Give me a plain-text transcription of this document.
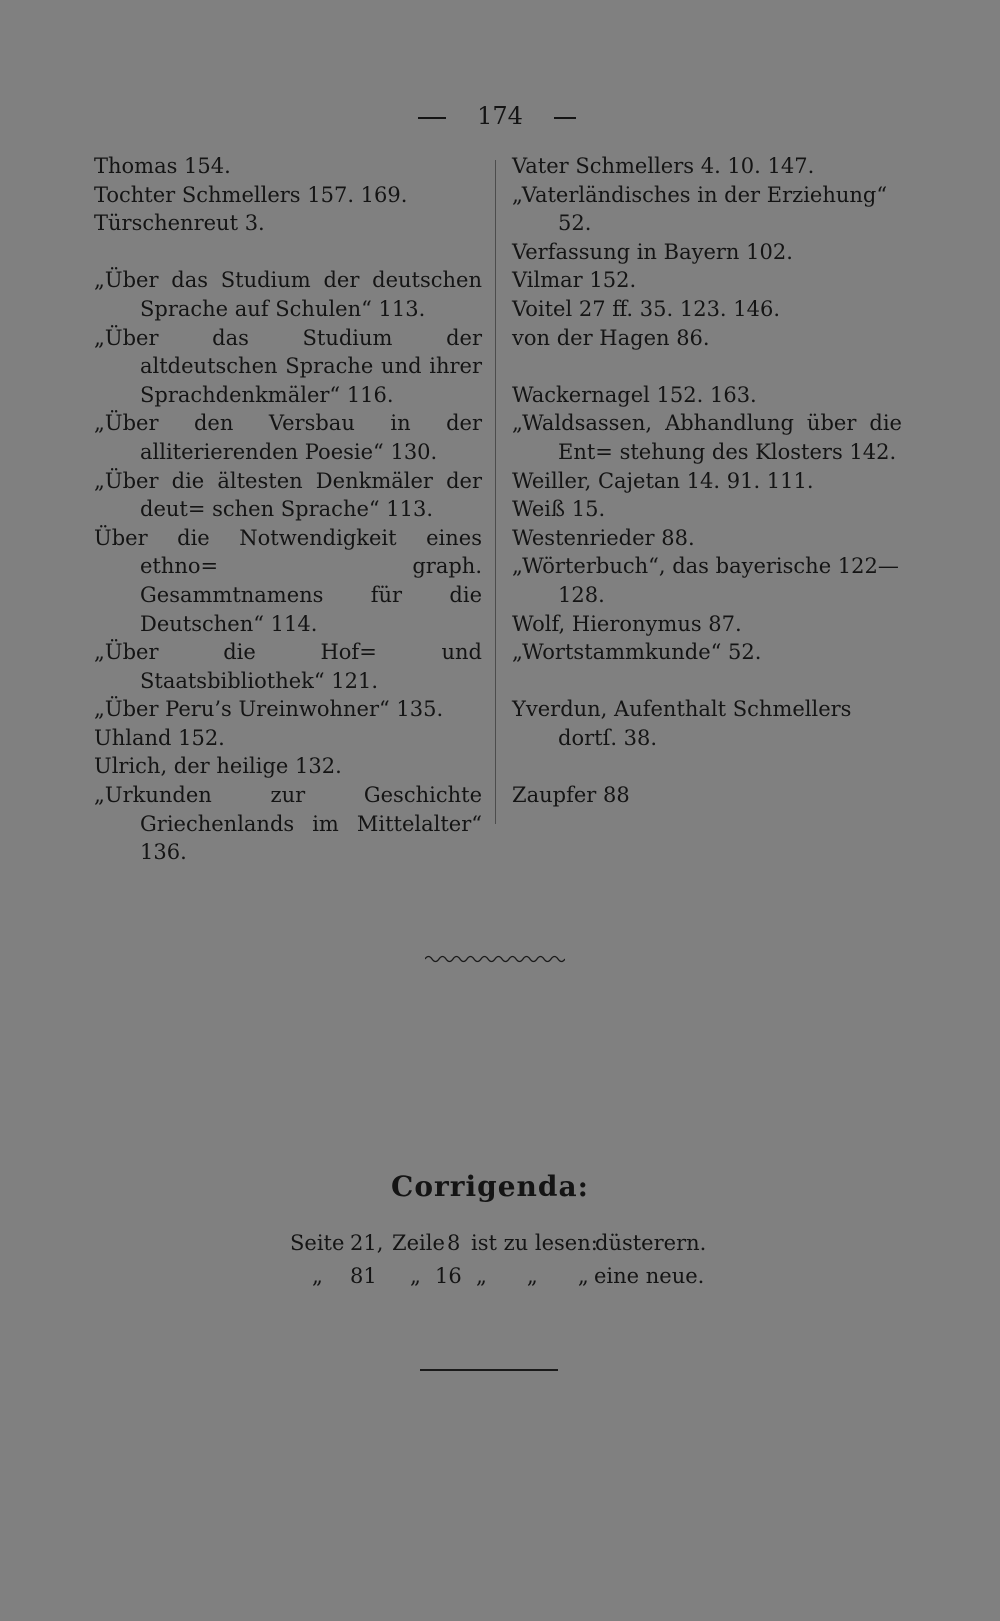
174
Thomas 154.
Tochter Schmellers 157. 169.
Türschenreut 3.
„Über das Studium der deutschen Sprache auf Schulen“ 113.
„Über das Studium der altdeutschen Sprache und ihrer Sprachdenkmäler“ 116.
„Über den Versbau in der alliterierenden Poesie“ 130.
„Über die ältesten Denkmäler der deut= schen Sprache“ 113.
Über die Notwendigkeit eines ethno= graph. Gesammtnamens für die Deutschen“ 114.
„Über die Hof= und Staatsbibliothek“ 121.
„Über Peru’s Ureinwohner“ 135.
Uhland 152.
Ulrich, der heilige 132.
„Urkunden zur Geschichte Griechenlands im Mittelalter“ 136.
Vater Schmellers 4. 10. 147.
„Vaterländisches in der Erziehung“ 52.
Verfassung in Bayern 102.
Vilmar 152.
Voitel 27 ff. 35. 123. 146.
von der Hagen 86.
Wackernagel 152. 163.
„Waldsassen, Abhandlung über die Ent= stehung des Klosters 142.
Weiller, Cajetan 14. 91. 111.
Weiß 15.
Westenrieder 88.
„Wörterbuch“, das bayerische 122—128.
Wolf, Hieronymus 87.
„Wortstammkunde“ 52.
Yverdun, Aufenthalt Schmellers dortſ. 38.
Zaupfer 88
Corrigenda:
Seite 21, Zeile 8 ist zu lesen:
düsterern.
„ 81 „ 16 „      „      „ eine neue.
